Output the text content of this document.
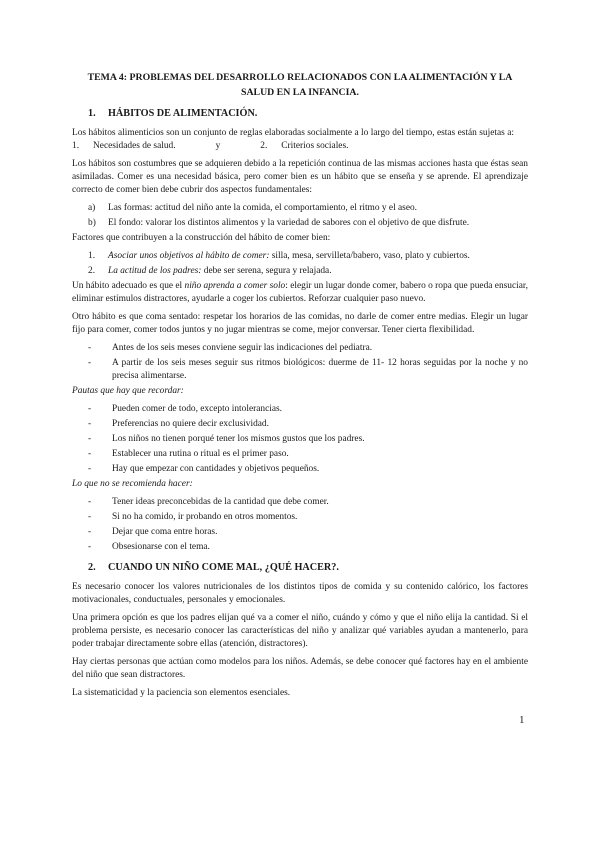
TEMA 4: PROBLEMAS DEL DESARROLLO RELACIONADOS CON LA ALIMENTACIÓN Y LA SALUD EN LA INFANCIA.
1. HÁBITOS DE ALIMENTACIÓN.

Los hábitos alimenticios son un conjunto de reglas elaboradas socialmente a lo largo del tiempo, estas están sujetas a:1. Necesidades de salud.	y	2. Criterios sociales.

Los hábitos son costumbres que se adquieren debido a la repetición continua de las mismas acciones hasta que éstas sean asimiladas. Comer es una necesidad básica, pero comer bien es un hábito que se enseña y se aprende. El aprendizaje correcto de comer bien debe cubrir dos aspectos fundamentales:

a)	Las formas: actitud del niño ante la comida, el comportamiento, el ritmo y el aseo.
b)	El fondo: valorar los distintos alimentos y la variedad de sabores con el objetivo de que disfrute.

Factores que contribuyen a la construcción del hábito de comer bien:

1.	Asociar unos objetivos al hábito de comer: silla, mesa, servilleta/babero, vaso, plato y cubiertos.
2.	La actitud de los padres: debe ser serena, segura y relajada.

Un hábito adecuado es que el niño aprenda a comer solo: elegir un lugar donde comer, babero o ropa que pueda ensuciar, eliminar estímulos distractores, ayudarle a coger los cubiertos. Reforzar cualquier paso nuevo.

Otro hábito es que coma sentado: respetar los horarios de las comidas, no darle de comer entre medias. Elegir un lugar fijo para comer, comer todos juntos y no jugar mientras se come, mejor conversar. Tener cierta flexibilidad.

-	Antes de los seis meses conviene seguir las indicaciones del pediatra.
-	A partir de los seis meses seguir sus ritmos biológicos: duerme de 11- 12 horas seguidas por la noche y no precisa alimentarse.

Pautas que hay que recordar:

-	Pueden comer de todo, excepto intolerancias.
-	Preferencias no quiere decir exclusividad.
-	Los niños no tienen porqué tener los mismos gustos que los padres.
-	Establecer una rutina o ritual es el primer paso.
-	Hay que empezar con cantidades y objetivos pequeños.

Lo que no se recomienda hacer:

-	Tener ideas preconcebidas de la cantidad que debe comer.
-	Si no ha comido, ir probando en otros momentos.
-	Dejar que coma entre horas.
-	Obsesionarse con el tema.
2. CUANDO UN NIÑO COME MAL, ¿QUÉ HACER?.

Es necesario conocer los valores nutricionales de los distintos tipos de comida y su contenido calórico, los factores motivacionales, conductuales, personales y emocionales.

Una primera opción es que los padres elijan qué va a comer el niño, cuándo y cómo y que el niño elija la cantidad. Si el problema persiste, es necesario conocer las características del niño y analizar qué variables ayudan a mantenerlo, para poder trabajar directamente sobre ellas (atención, distractores).

Hay ciertas personas que actúan como modelos para los niños. Además, se debe conocer qué factores hay en el ambiente del niño que sean distractores.

La sistematicidad y la paciencia son elementos esenciales.

1
